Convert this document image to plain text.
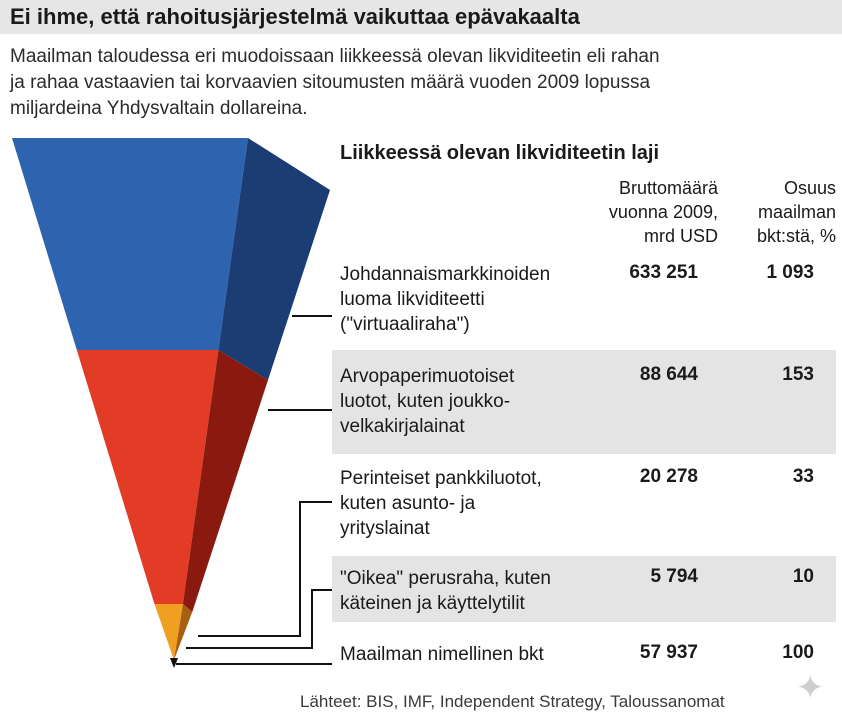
Ei ihme, että rahoitusjärjestelmä vaikuttaa epävakaalta
Maailman taloudessa eri muodoissaan liikkeessä olevan likviditeetin eli rahan
ja rahaa vastaavien tai korvaavien sitoumusten määrä vuoden 2009 lopussa
miljardeina Yhdysvaltain dollareina.
Liikkeessä olevan likviditeetin laji
Bruttomäärä
vuonna 2009,
mrd USD
Osuus
maailman
bkt:stä, %
Johdannaismarkkinoiden
luoma likviditeetti
("virtuaaliraha")
633 251	1 093
Arvopaperimuotoiset
luotot, kuten joukko-
velkakirjalainat
88 644	153
Perinteiset pankkiluotot,
kuten asunto- ja
yrityslainat
20 278	33
"Oikea" perusraha, kuten
käteinen ja käyttelytilit
5 794	10
Maailman nimellinen bkt	57 937	100
Lähteet: BIS, IMF, Independent Strategy, Taloussanomat ✦
